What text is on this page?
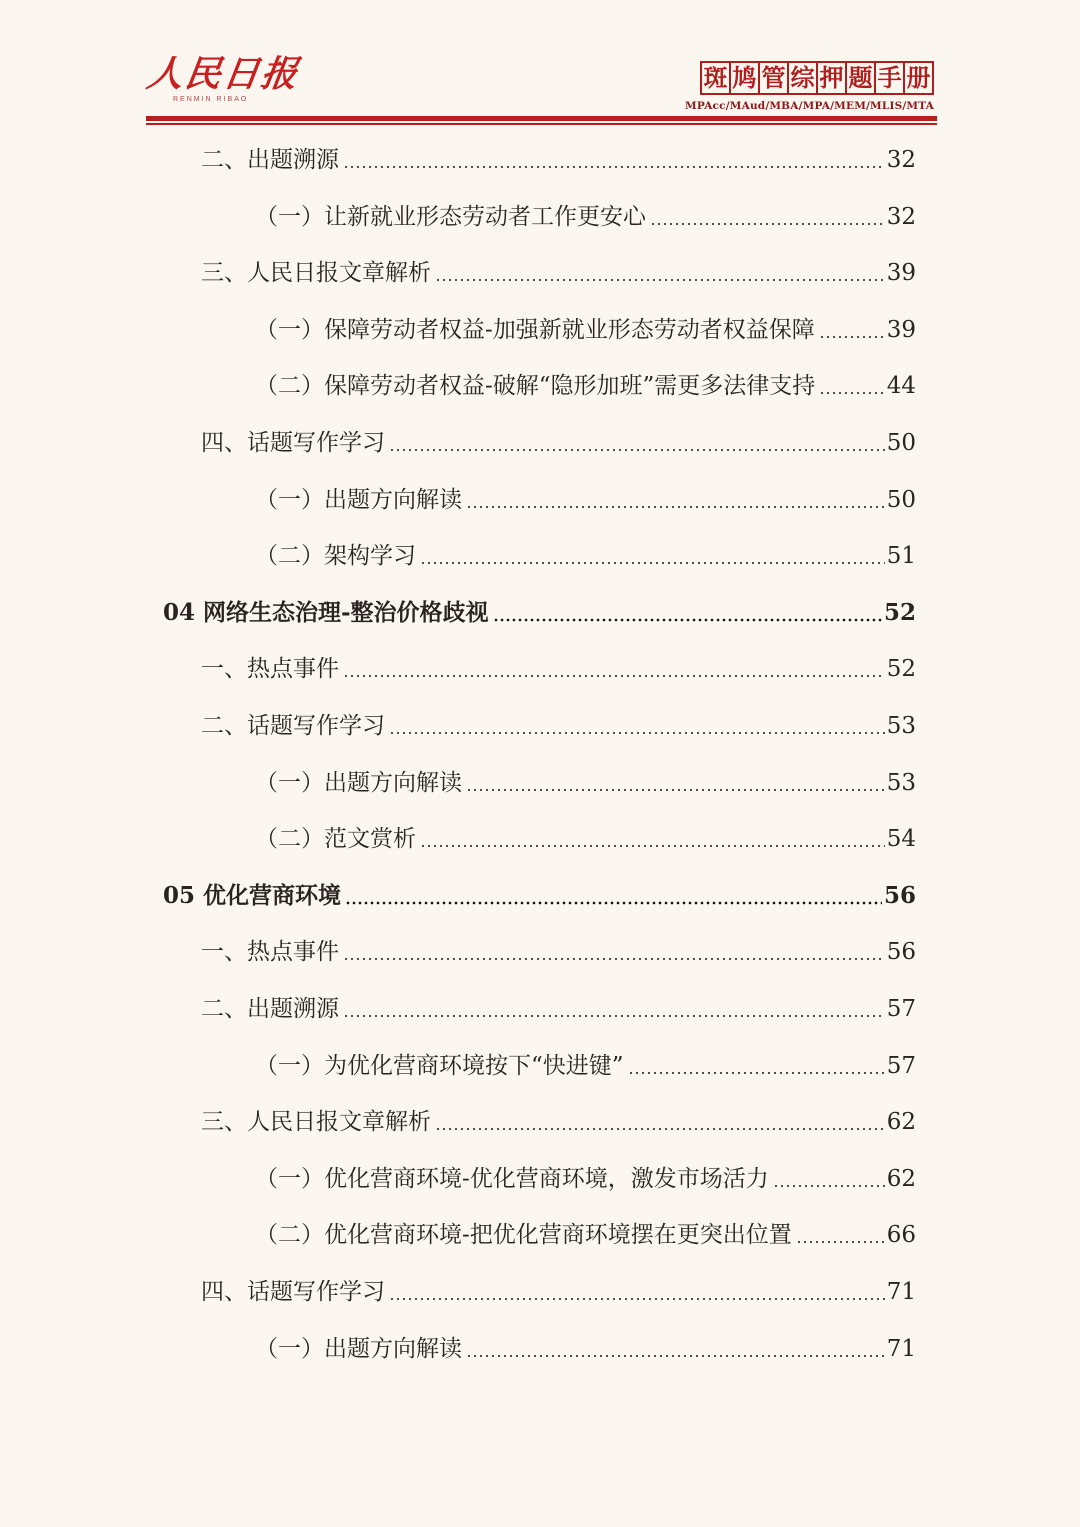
人民日报
RENMIN RIBAO
斑 鸠 管 综 押 题 手 册
MPAcc/MAud/MBA/MPA/MEM/MLIS/MTA
二、出题溯源	32
（一）让新就业形态劳动者工作更安心	32
三、人民日报文章解析	39
（一）保障劳动者权益-加强新就业形态劳动者权益保障	39
（二）保障劳动者权益-破解“隐形加班”需更多法律支持	44
四、话题写作学习	50
（一）出题方向解读	50
（二）架构学习	51
04 网络生态治理-整治价格歧视	52
一、热点事件	52
二、话题写作学习	53
（一）出题方向解读	53
（二）范文赏析	54
05 优化营商环境	56
一、热点事件	56
二、出题溯源	57
（一）为优化营商环境按下“快进键”	57
三、人民日报文章解析	62
（一）优化营商环境-优化营商环境，激发市场活力	62
（二）优化营商环境-把优化营商环境摆在更突出位置	66
四、话题写作学习	71
（一）出题方向解读	71
